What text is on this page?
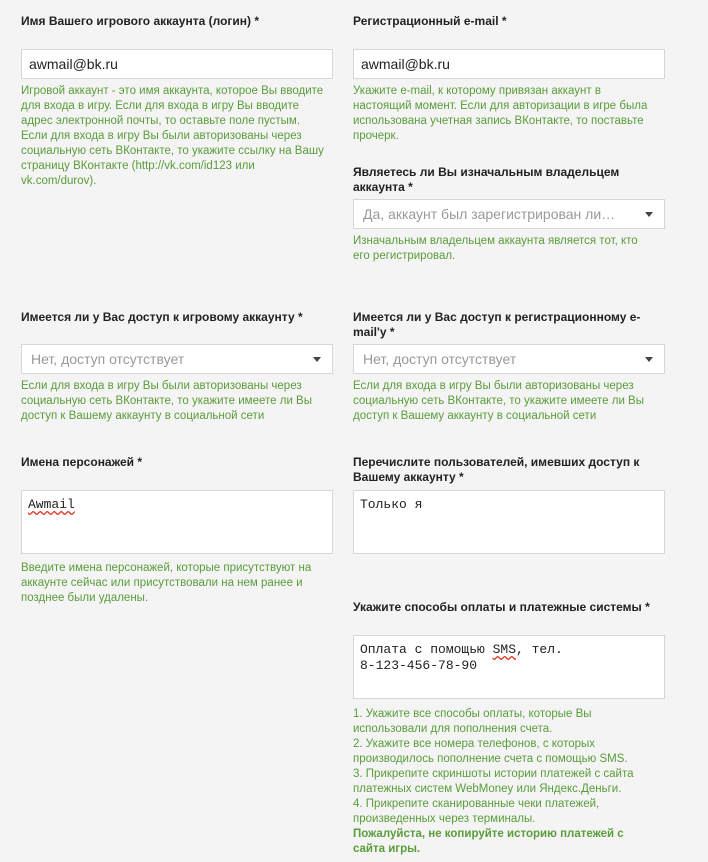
Имя Вашего игрового аккаунта (логин) *
awmail@bk.ru
Игровой аккаунт - это имя аккаунта, которое Вы вводите для входа в игру. Если для входа в игру Вы вводите адрес электронной почты, то оставьте поле пустым. Если для входа в игру Вы были авторизованы через социальную сеть ВКонтакте, то укажите ссылку на Вашу страницу ВКонтакте (http://vk.com/id123 или vk.com/durov).
Имеется ли у Вас доступ к игровому аккаунту *
Нет, доступ отсутствует
Если для входа в игру Вы были авторизованы через социальную сеть ВКонтакте, то укажите имеете ли Вы доступ к Вашему аккаунту в социальной сети
Имена персонажей *
Awmail
Введите имена персонажей, которые присутствуют на аккаунте сейчас или присутствовали на нем ранее и позднее были удалены.
Регистрационный e-mail *
awmail@bk.ru
Укажите e-mail, к которому привязан аккаунт в настоящий момент. Если для авторизации в игре была использована учетная запись ВКонтакте, то поставьте прочерк.
Являетесь ли Вы изначальным владельцем аккаунта *
Да, аккаунт был зарегистрирован ли…
Изначальным владельцем аккаунта является тот, кто его регистрировал.
Имеется ли у Вас доступ к регистрационному e-mail'у *
Нет, доступ отсутствует
Если для входа в игру Вы были авторизованы через социальную сеть ВКонтакте, то укажите имеете ли Вы доступ к Вашему аккаунту в социальной сети
Перечислите пользователей, имевших доступ к Вашему аккаунту *
Только я
Укажите способы оплаты и платежные системы *
Оплата с помощью SMS, тел.
8-123-456-78-90
1. Укажите все способы оплаты, которые Вы использовали для пополнения счета.
2. Укажите все номера телефонов, с которых производилось пополнение счета с помощью SMS.
3. Прикрепите скриншоты истории платежей с сайта платежных систем WebMoney или Яндекс.Деньги.
4. Прикрепите сканированные чеки платежей, произведенных через терминалы.
Пожалуйста, не копируйте историю платежей с сайта игры.
